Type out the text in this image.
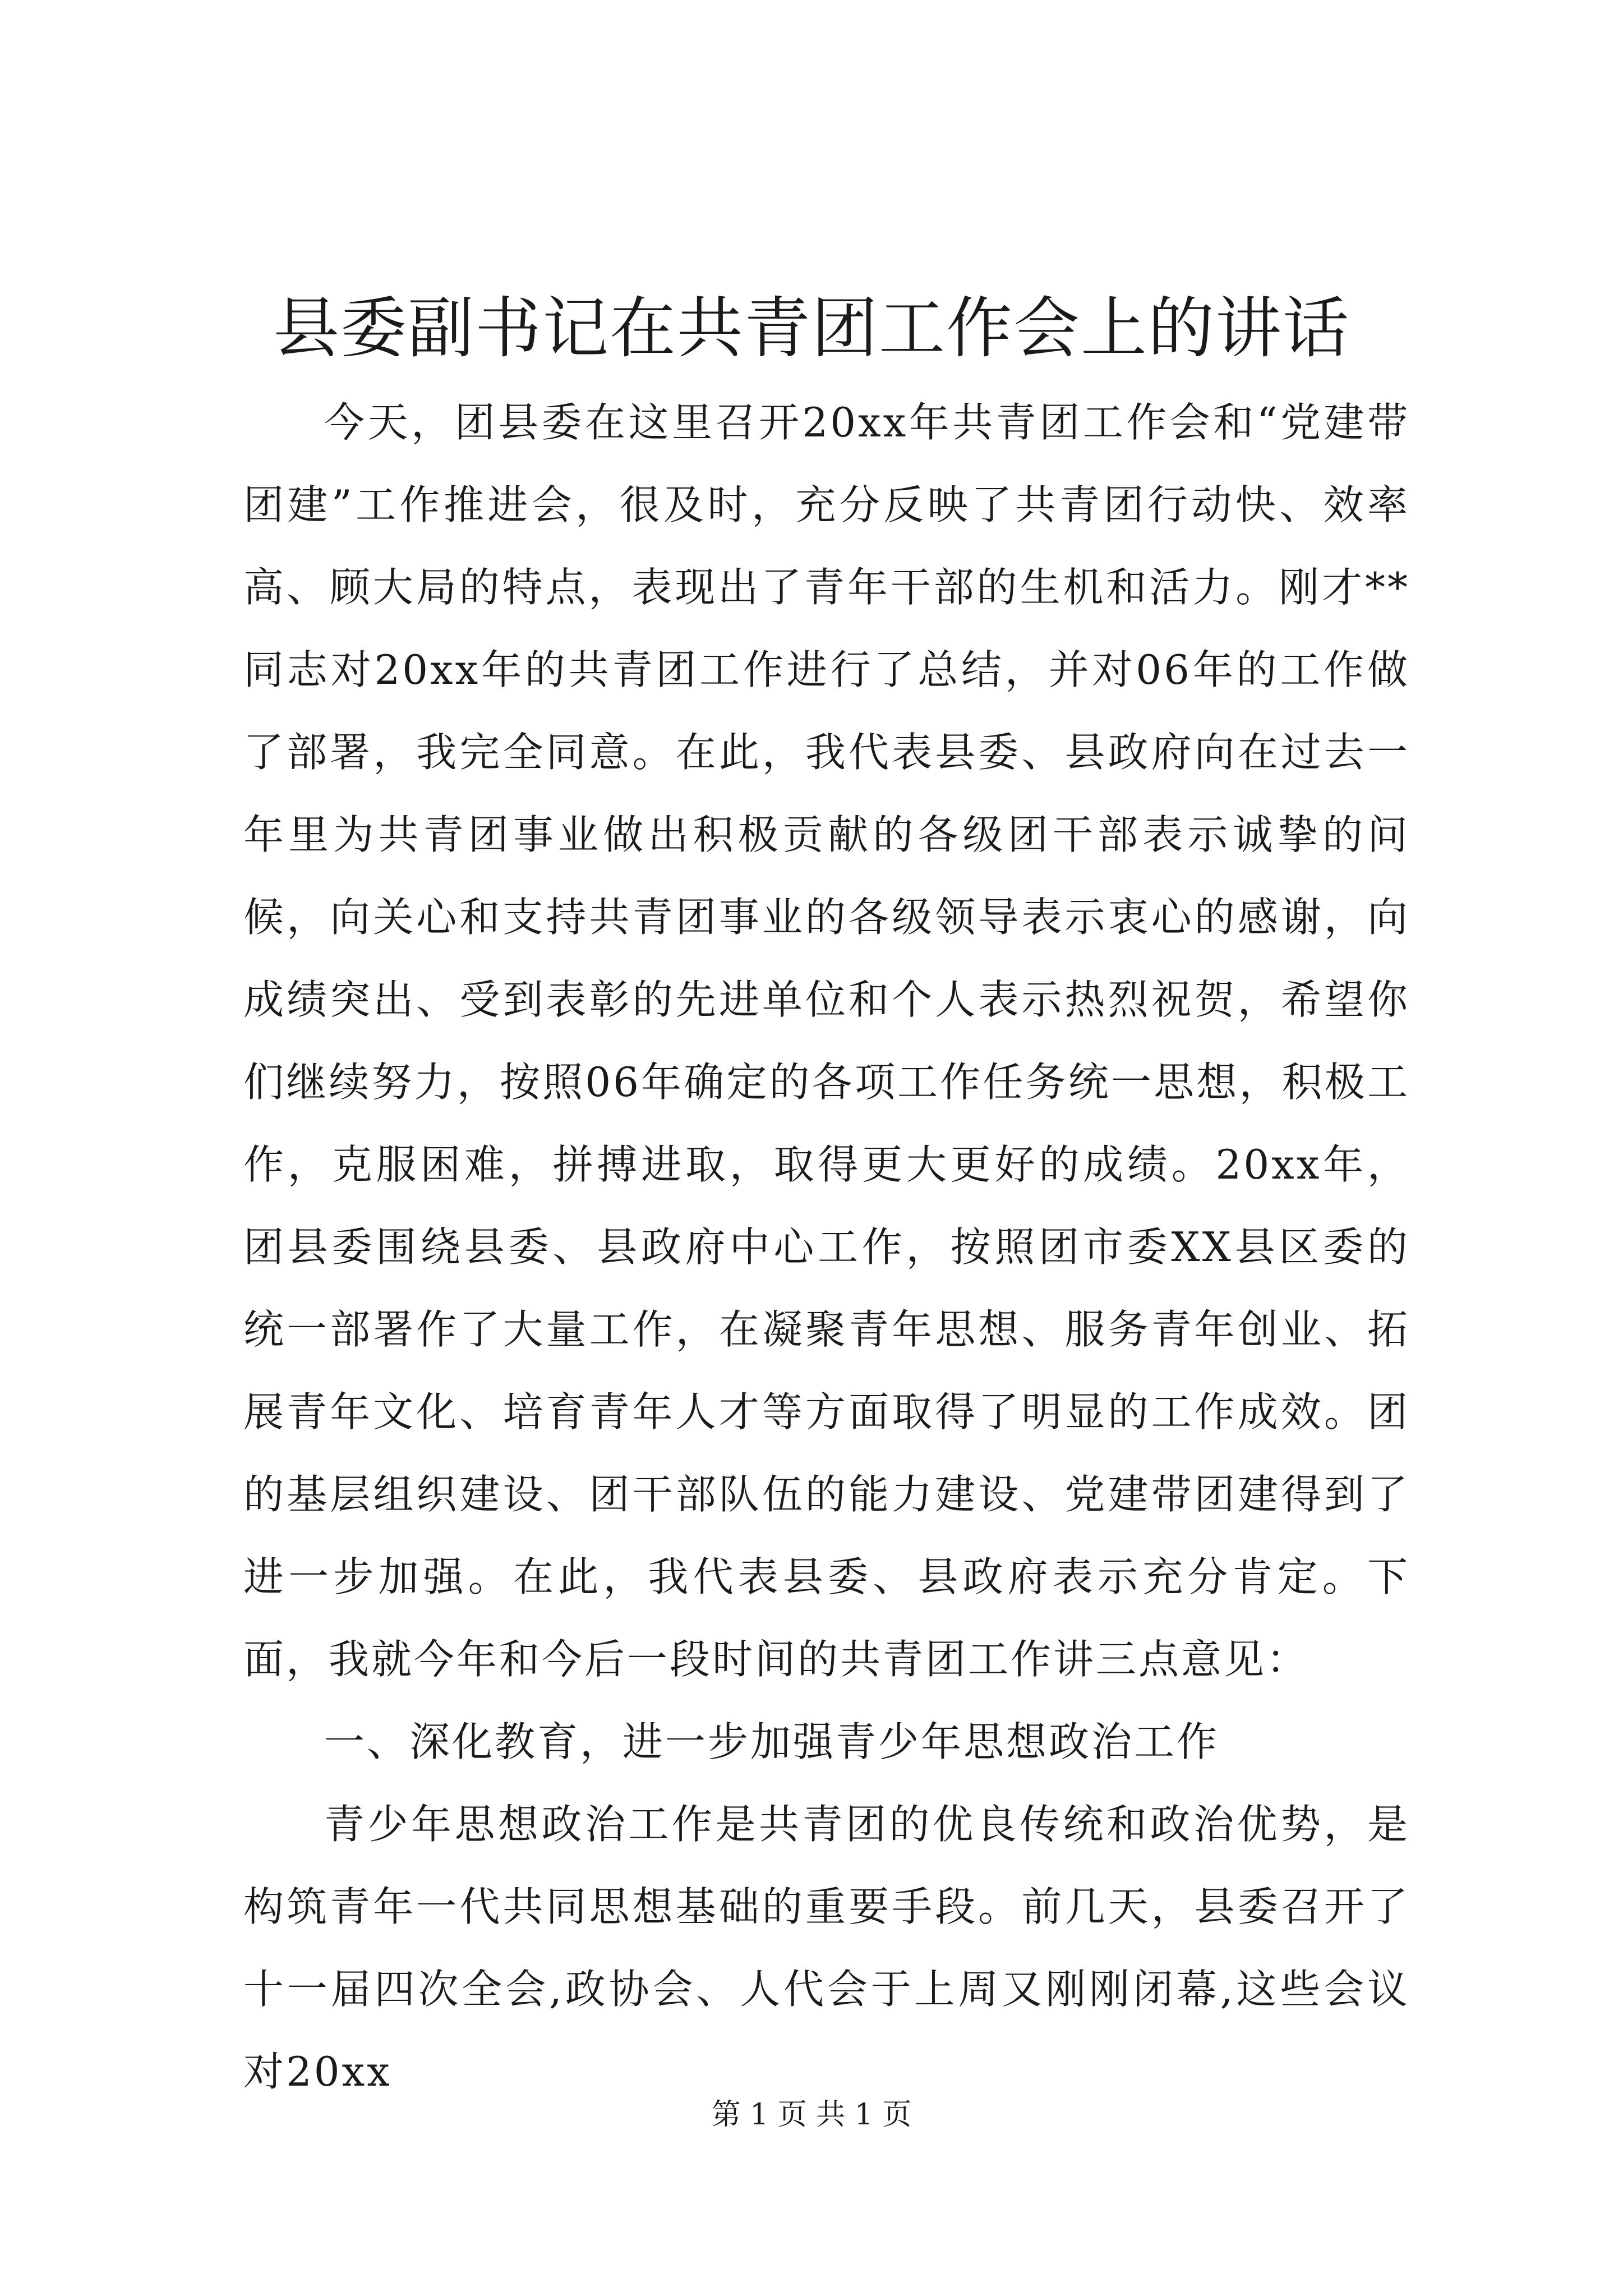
县委副书记在共青团工作会上的讲话

今天，团县委在这里召开20xx年共青团工作会和“党建带团建”工作推进会，很及时，充分反映了共青团行动快、效率高、顾大局的特点，表现出了青年干部的生机和活力。刚才**同志对20xx年的共青团工作进行了总结，并对06年的工作做了部署，我完全同意。在此，我代表县委、县政府向在过去一年里为共青团事业做出积极贡献的各级团干部表示诚挚的问候，向关心和支持共青团事业的各级领导表示衷心的感谢，向成绩突出、受到表彰的先进单位和个人表示热烈祝贺，希望你们继续努力，按照06年确定的各项工作任务统一思想，积极工作，克服困难，拼搏进取，取得更大更好的成绩。20xx年，团县委围绕县委、县政府中心工作，按照团市委XX县区委的统一部署作了大量工作，在凝聚青年思想、服务青年创业、拓展青年文化、培育青年人才等方面取得了明显的工作成效。团的基层组织建设、团干部队伍的能力建设、党建带团建得到了进一步加强。在此，我代表县委、县政府表示充分肯定。下面，我就今年和今后一段时间的共青团工作讲三点意见：

一、深化教育，进一步加强青少年思想政治工作

青少年思想政治工作是共青团的优良传统和政治优势，是构筑青年一代共同思想基础的重要手段。前几天，县委召开了十一届四次全会,政协会、人代会于上周又刚刚闭幕,这些会议对20xx

第 1 页 共 1 页
